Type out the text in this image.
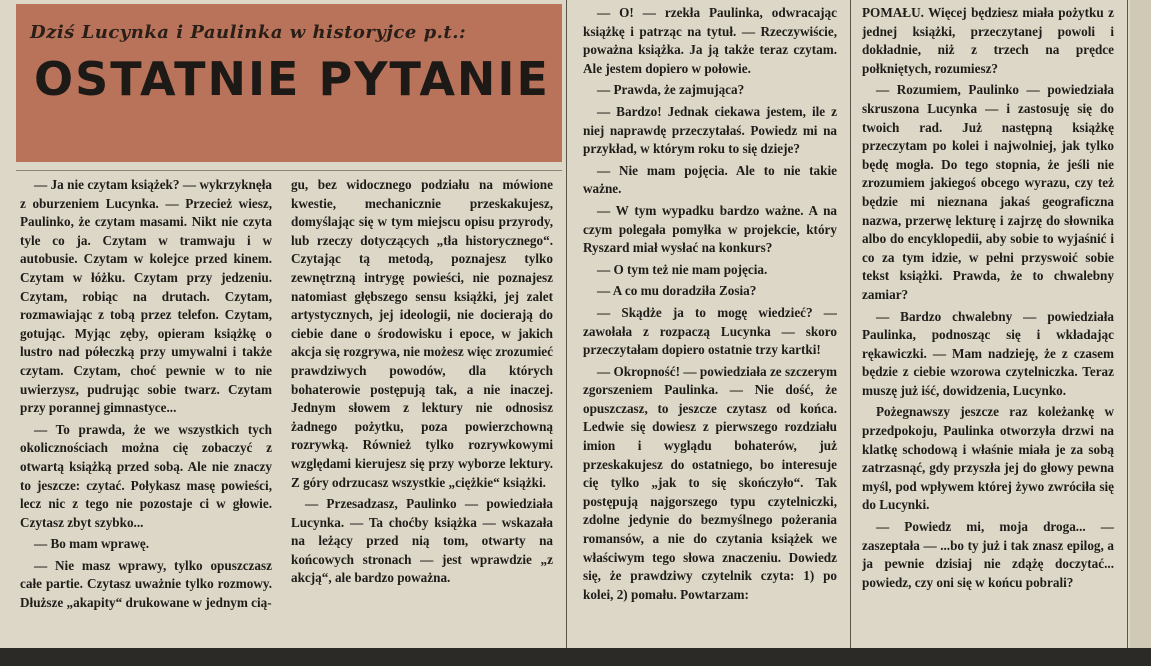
Dziś Lucynka i Paulinka w historyjce p.t.:
OSTATNIE PYTANIE

— Ja nie czytam książek? — wykrzyknęła z oburzeniem Lucynka. — Przecież wiesz, Paulinko, że czytam masami. Nikt nie czyta tyle co ja. Czytam w tramwaju i w autobusie. Czytam w kolejce przed kinem. Czytam w łóżku. Czytam przy jedzeniu. Czytam, robiąc na drutach. Czytam, rozmawiając z tobą przez telefon. Czytam, gotując. Myjąc zęby, opieram książkę o lustro nad półeczką przy umywalni i także czytam. Czytam, choć pewnie w to nie uwierzysz, pudrując sobie twarz. Czytam przy porannej gimnastyce...

— To prawda, że we wszystkich tych okolicznościach można cię zobaczyć z otwartą książką przed sobą. Ale nie znaczy to jeszcze: czytać. Połykasz masę powieści, lecz nic z tego nie pozostaje ci w głowie. Czytasz zbyt szybko...

— Bo mam wprawę.

— Nie masz wprawy, tylko opuszczasz całe partie. Czytasz uważnie tylko rozmowy. Dłuższe „akapity“ drukowane w jednym cią-

gu, bez widocznego podziału na mówione kwestie, mechanicznie przeskakujesz, domyślając się w tym miejscu opisu przyrody, lub rzeczy dotyczących „tła historycznego“. Czytając tą metodą, poznajesz tylko zewnętrzną intrygę powieści, nie poznajesz natomiast głębszego sensu książki, jej zalet artystycznych, jej ideologii, nie docierają do ciebie dane o środowisku i epoce, w jakich akcja się rozgrywa, nie możesz więc zrozumieć prawdziwych powodów, dla których bohaterowie postępują tak, a nie inaczej. Jednym słowem z lektury nie odnosisz żadnego pożytku, poza powierzchowną rozrywką. Również tylko rozrywkowymi względami kierujesz się przy wyborze lektury. Z góry odrzucasz wszystkie „ciężkie“ książki.

— Przesadzasz, Paulinko — powiedziała Lucynka. — Ta choćby książka — wskazała na leżący przed nią tom, otwarty na końcowych stronach — jest wprawdzie „z akcją“, ale bardzo poważna.

— O! — rzekła Paulinka, odwracając książkę i patrząc na tytuł. — Rzeczywiście, poważna książka. Ja ją także teraz czytam. Ale jestem dopiero w połowie.

— Prawda, że zajmująca?

— Bardzo! Jednak ciekawa jestem, ile z niej naprawdę przeczytałaś. Powiedz mi na przykład, w którym roku to się dzieje?

— Nie mam pojęcia. Ale to nie takie ważne.

— W tym wypadku bardzo ważne. A na czym polegała pomyłka w projekcie, który Ryszard miał wysłać na konkurs?

— O tym też nie mam pojęcia.

— A co mu doradziła Zosia?

— Skądże ja to mogę wiedzieć? — zawołała z rozpaczą Lucynka — skoro przeczytałam dopiero ostatnie trzy kartki!

— Okropność! — powiedziała ze szczerym zgorszeniem Paulinka. — Nie dość, że opuszczasz, to jeszcze czytasz od końca. Ledwie się dowiesz z pierwszego rozdziału imion i wyglądu bohaterów, już przeskakujesz do ostatniego, bo interesuje cię tylko „jak to się skończyło“. Tak postępują najgorszego typu czytelniczki, zdolne jedynie do bezmyślnego pożerania romansów, a nie do czytania książek we właściwym tego słowa znaczeniu. Dowiedz się, że prawdziwy czytelnik czyta: 1) po kolei, 2) pomału. Powtarzam:

POMAŁU. Więcej będziesz miała pożytku z jednej książki, przeczytanej powoli i dokładnie, niż z trzech na prędce połkniętych, rozumiesz?

— Rozumiem, Paulinko — powiedziała skruszona Lucynka — i zastosuję się do twoich rad. Już następną książkę przeczytam po kolei i najwolniej, jak tylko będę mogła. Do tego stopnia, że jeśli nie zrozumiem jakiegoś obcego wyrazu, czy też będzie mi nieznana jakaś geograficzna nazwa, przerwę lekturę i zajrzę do słownika albo do encyklopedii, aby sobie to wyjaśnić i co za tym idzie, w pełni przyswoić sobie tekst książki. Prawda, że to chwalebny zamiar?

— Bardzo chwalebny — powiedziała Paulinka, podnosząc się i wkładając rękawiczki. — Mam nadzieję, że z czasem będzie z ciebie wzorowa czytelniczka. Teraz muszę już iść, dowidzenia, Lucynko.

Pożegnawszy jeszcze raz koleżankę w przedpokoju, Paulinka otworzyła drzwi na klatkę schodową i właśnie miała je za sobą zatrzasnąć, gdy przyszła jej do głowy pewna myśl, pod wpływem której żywo zwróciła się do Lucynki.

— Powiedz mi, moja droga... — zaszeptała — ...bo ty już i tak znasz epilog, a ja pewnie dzisiaj nie zdążę doczytać... powiedz, czy oni się w końcu pobrali?
